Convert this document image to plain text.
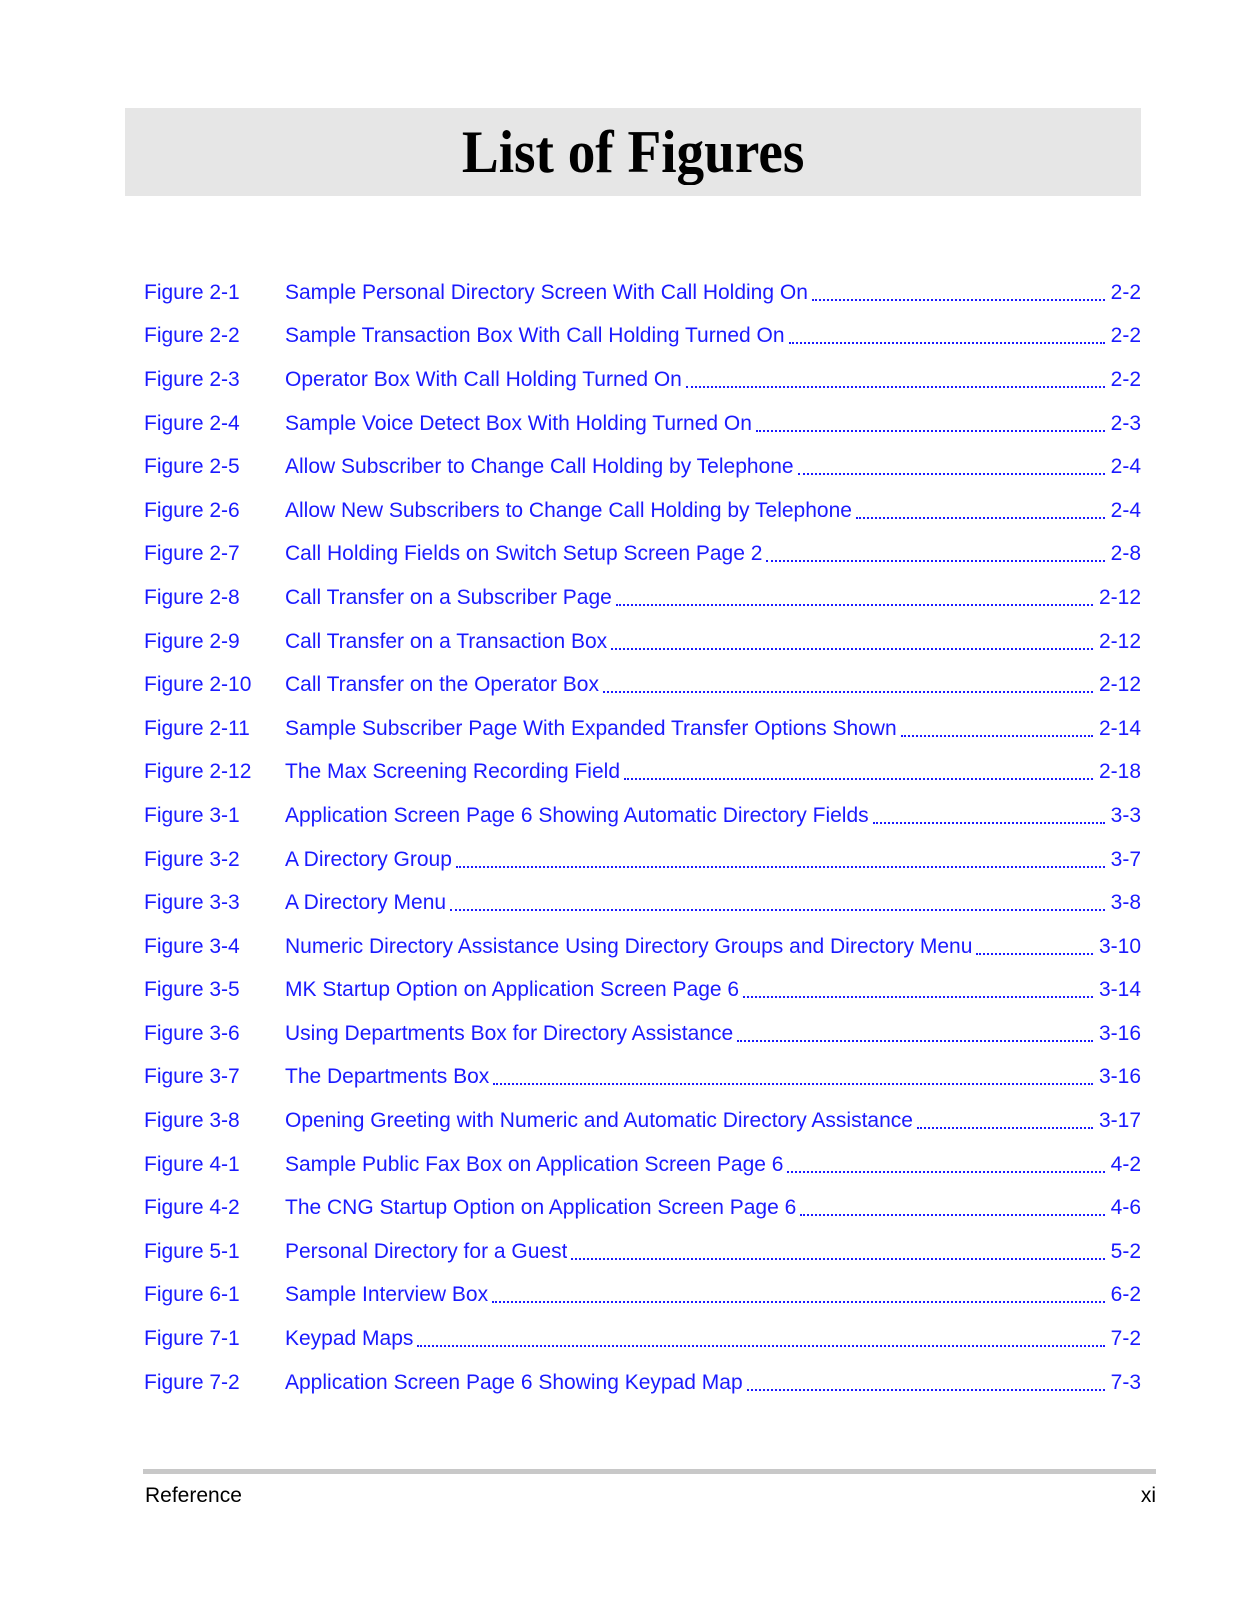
List of Figures
Figure 2-1	Sample Personal Directory Screen With Call Holding On	2-2
Figure 2-2	Sample Transaction Box With Call Holding Turned On	2-2
Figure 2-3	Operator Box With Call Holding Turned On	2-2
Figure 2-4	Sample Voice Detect Box With Holding Turned On	2-3
Figure 2-5	Allow Subscriber to Change Call Holding by Telephone	2-4
Figure 2-6	Allow New Subscribers to Change Call Holding by Telephone	2-4
Figure 2-7	Call Holding Fields on Switch Setup Screen Page 2	2-8
Figure 2-8	Call Transfer on a Subscriber Page	2-12
Figure 2-9	Call Transfer on a Transaction Box	2-12
Figure 2-10	Call Transfer on the Operator Box	2-12
Figure 2-11	Sample Subscriber Page With Expanded Transfer Options Shown	2-14
Figure 2-12	The Max Screening Recording Field	2-18
Figure 3-1	Application Screen Page 6 Showing Automatic Directory Fields	3-3
Figure 3-2	A Directory Group	3-7
Figure 3-3	A Directory Menu	3-8
Figure 3-4	Numeric Directory Assistance Using Directory Groups and Directory Menu	3-10
Figure 3-5	MK Startup Option on Application Screen Page 6	3-14
Figure 3-6	Using Departments Box for Directory Assistance	3-16
Figure 3-7	The Departments Box	3-16
Figure 3-8	Opening Greeting with Numeric and Automatic Directory Assistance	3-17
Figure 4-1	Sample Public Fax Box on Application Screen Page 6	4-2
Figure 4-2	The CNG Startup Option on Application Screen Page 6	4-6
Figure 5-1	Personal Directory for a Guest	5-2
Figure 6-1	Sample Interview Box	6-2
Figure 7-1	Keypad Maps	7-2
Figure 7-2	Application Screen Page 6 Showing Keypad Map	7-3
Reference	xi
